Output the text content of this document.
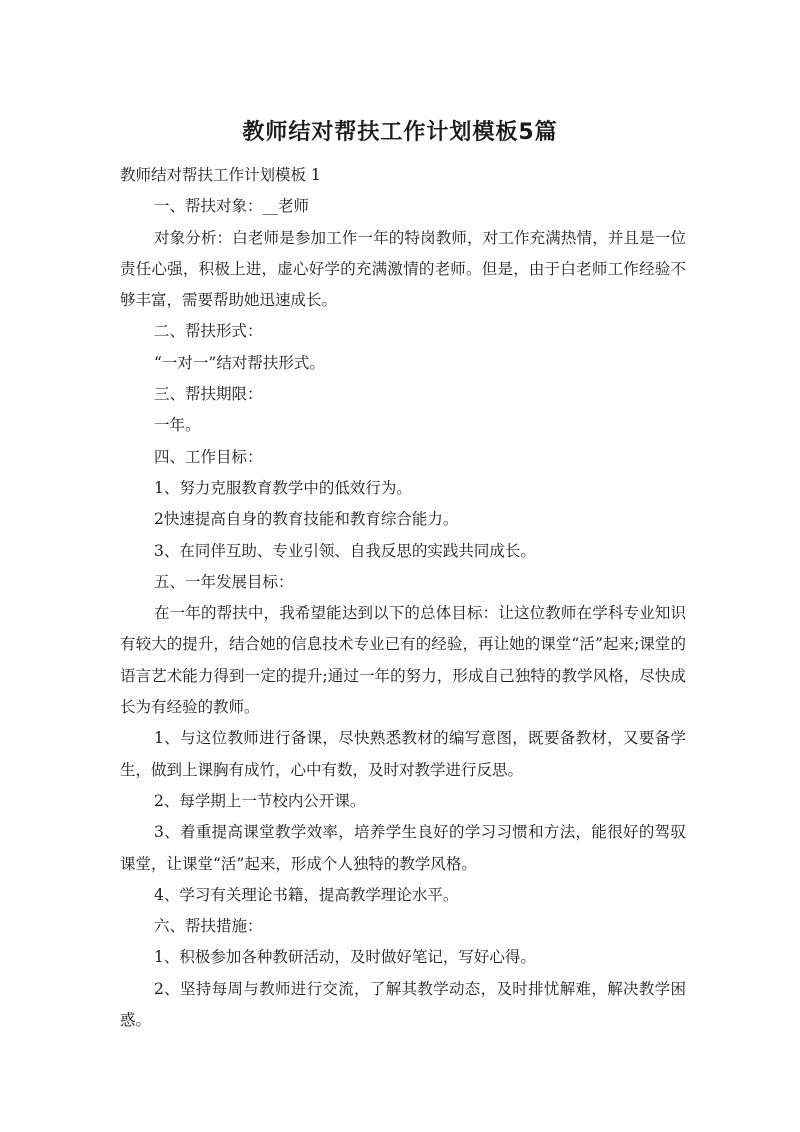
教师结对帮扶工作计划模板5篇

教师结对帮扶工作计划模板 1

一、帮扶对象：__老师

对象分析：白老师是参加工作一年的特岗教师，对工作充满热情，并且是一位责任心强，积极上进，虚心好学的充满激情的老师。但是，由于白老师工作经验不够丰富，需要帮助她迅速成长。

二、帮扶形式：

“一对一”结对帮扶形式。

三、帮扶期限：

一年。

四、工作目标：

1、努力克服教育教学中的低效行为。

2快速提高自身的教育技能和教育综合能力。

3、在同伴互助、专业引领、自我反思的实践共同成长。

五、一年发展目标：

在一年的帮扶中，我希望能达到以下的总体目标：让这位教师在学科专业知识有较大的提升，结合她的信息技术专业已有的经验，再让她的课堂“活”起来;课堂的语言艺术能力得到一定的提升;通过一年的努力，形成自己独特的教学风格，尽快成长为有经验的教师。

1、与这位教师进行备课，尽快熟悉教材的编写意图，既要备教材，又要备学生，做到上课胸有成竹，心中有数，及时对教学进行反思。

2、每学期上一节校内公开课。

3、着重提高课堂教学效率，培养学生良好的学习习惯和方法，能很好的驾驭课堂，让课堂“活”起来，形成个人独特的教学风格。

4、学习有关理论书籍，提高教学理论水平。

六、帮扶措施：

1、积极参加各种教研活动，及时做好笔记，写好心得。

2、坚持每周与教师进行交流，了解其教学动态，及时排忧解难，解决教学困惑。
